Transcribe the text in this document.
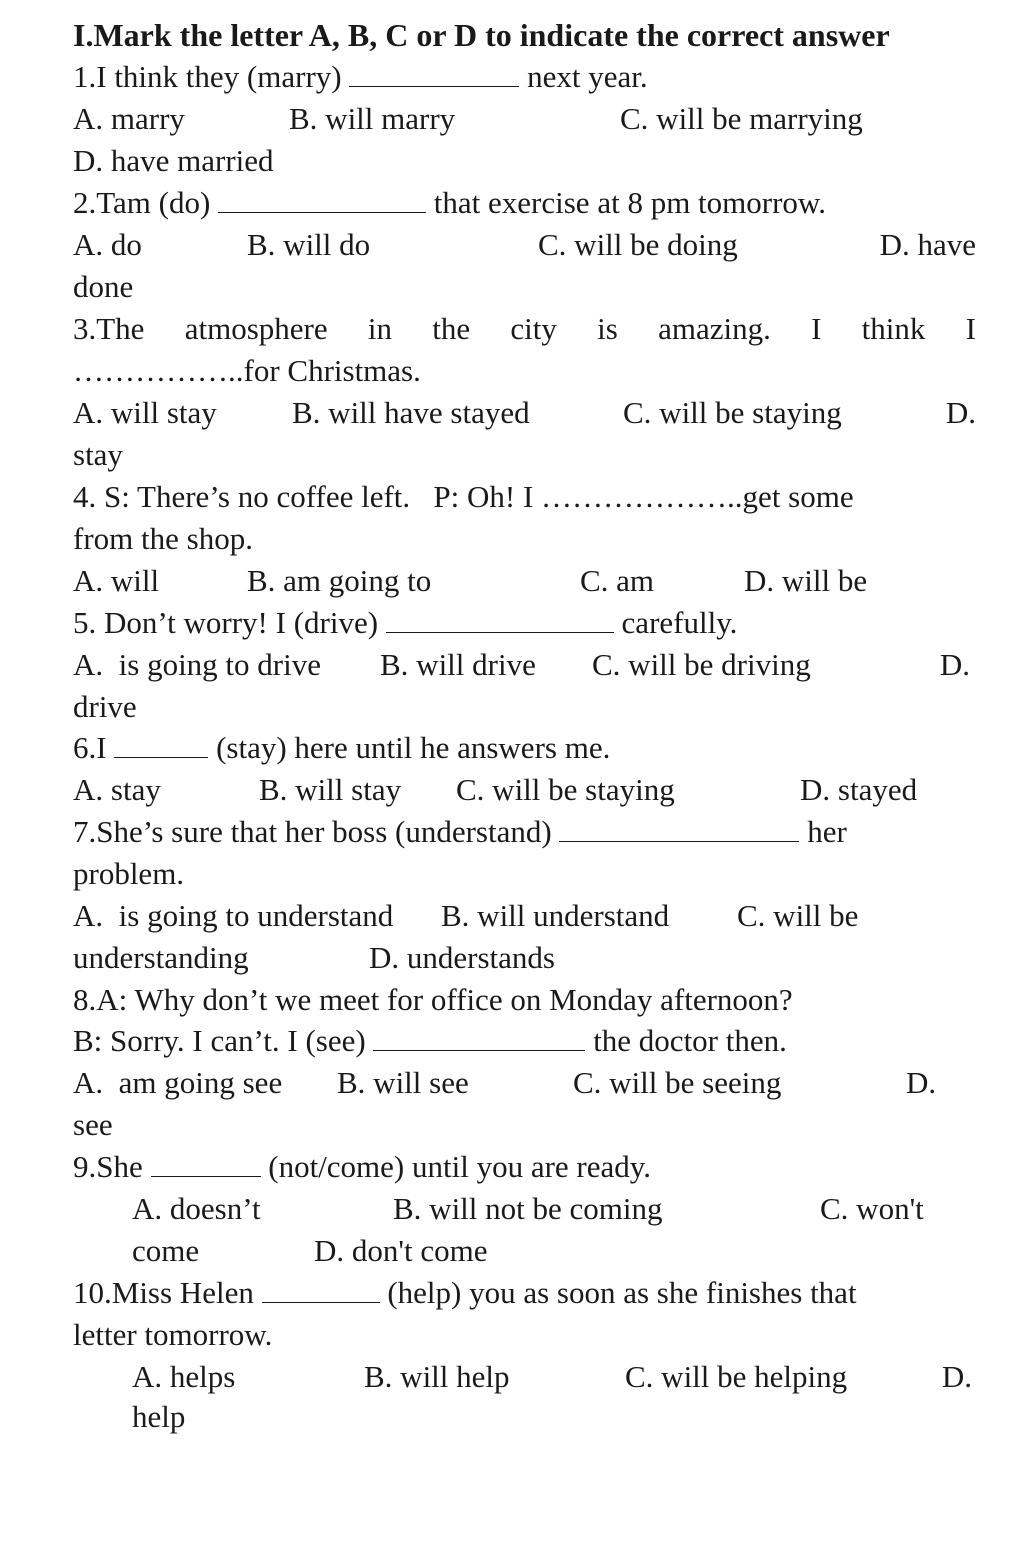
I.Mark the letter A, B, C or D to indicate the correct answer
1.I think they (marry)	next year.

A. marry

	B. will marry

	C. will be marrying

D. have married
2.Tam (do)	that exercise at 8 pm tomorrow.

A. do

	B. will do

	C. will be doing

	D. have

done
3.The atmosphere in the city is amazing. I think I
……………..for Christmas.

A. will stay

B. will have stayed

	C. will be staying

	D.

stay
4. S: There’s no coffee left.   P: Oh! I ………………..get some
from the shop.

A. will

	B. am going to

	C. am

	D. will be

5. Don’t worry! I (drive)	carefully.

A.  is going to drive

B. will drive

C. will be driving

	D.

drive
6.I	(stay) here until he answers me.

A. stay

	B. will stay

C. will be staying

	D. stayed

7.She’s sure that her boss (understand)	her
problem.

A.  is going to understand

B. will understand

C. will be

understanding

	D. understands

8.A: Why don’t we meet for office on Monday afternoon?
B: Sorry. I can’t. I (see)	the doctor then.

A.  am going see

B. will see

	C. will be seeing

	D.

see
9.She	(not/come) until you are ready.

A. doesn’t

	B. will not be coming

	C. won't

come

	D. don't come

10.Miss Helen	(help) you as soon as she finishes that
letter tomorrow.

A. helps

	B. will help

	C. will be helping

	D.

help
